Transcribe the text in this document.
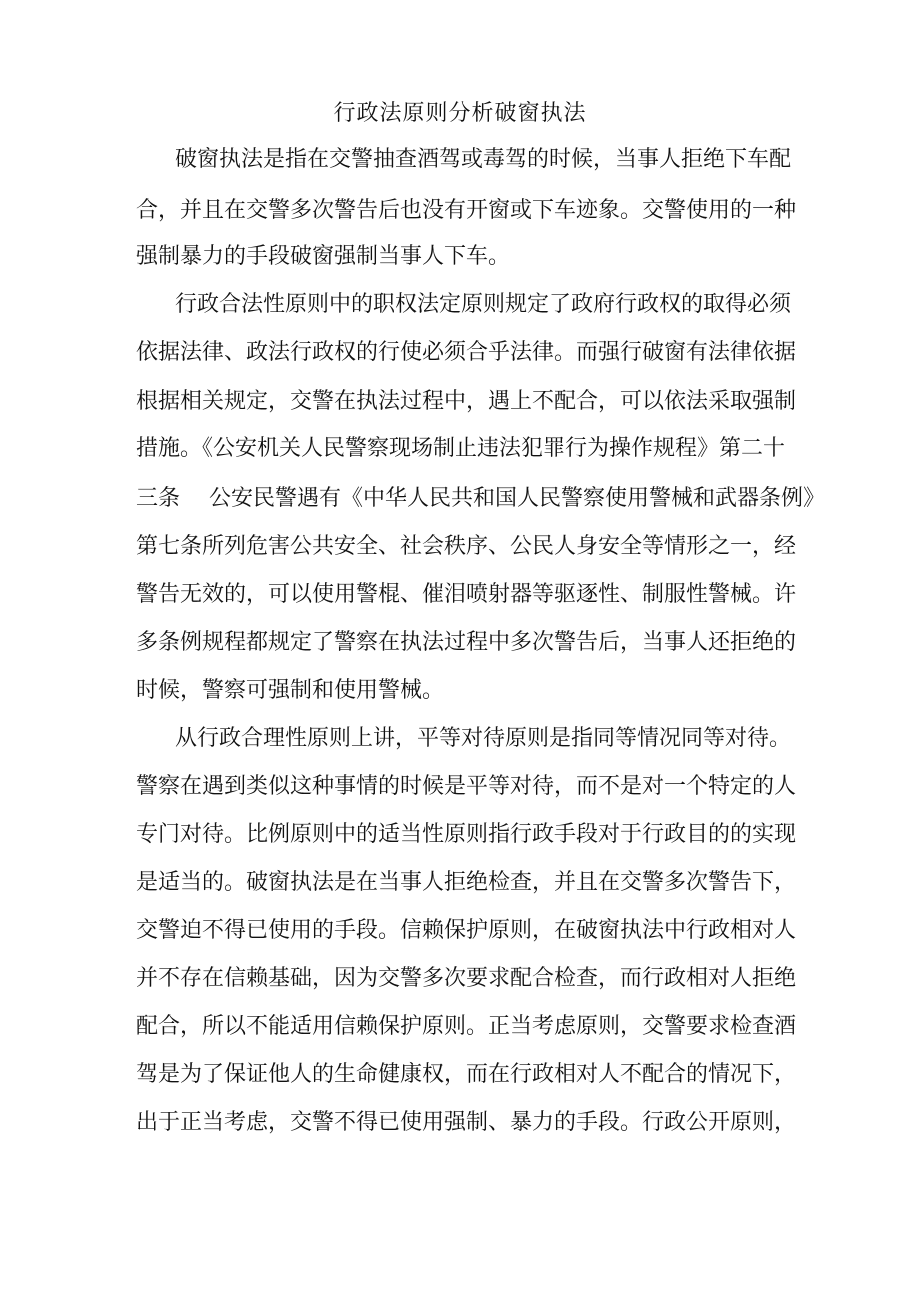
行政法原则分析破窗执法

破窗执法是指在交警抽查酒驾或毒驾的时候，当事人拒绝下车配

合，并且在交警多次警告后也没有开窗或下车迹象。交警使用的一种

强制暴力的手段破窗强制当事人下车。

行政合法性原则中的职权法定原则规定了政府行政权的取得必须

依据法律、政法行政权的行使必须合乎法律。而强行破窗有法律依据

根据相关规定，交警在执法过程中，遇上不配合，可以依法采取强制

措施。《公安机关人民警察现场制止违法犯罪行为操作规程》第二十

三条　 公安民警遇有《中华人民共和国人民警察使用警械和武器条例》

第七条所列危害公共安全、社会秩序、公民人身安全等情形之一，经

警告无效的，可以使用警棍、催泪喷射器等驱逐性、制服性警械。许

多条例规程都规定了警察在执法过程中多次警告后，当事人还拒绝的

时候，警察可强制和使用警械。

从行政合理性原则上讲，平等对待原则是指同等情况同等对待。

警察在遇到类似这种事情的时候是平等对待，而不是对一个特定的人

专门对待。比例原则中的适当性原则指行政手段对于行政目的的实现

是适当的。破窗执法是在当事人拒绝检查，并且在交警多次警告下，

交警迫不得已使用的手段。信赖保护原则，在破窗执法中行政相对人

并不存在信赖基础，因为交警多次要求配合检查，而行政相对人拒绝

配合，所以不能适用信赖保护原则。正当考虑原则，交警要求检查酒

驾是为了保证他人的生命健康权，而在行政相对人不配合的情况下，

出于正当考虑，交警不得已使用强制、暴力的手段。行政公开原则，
